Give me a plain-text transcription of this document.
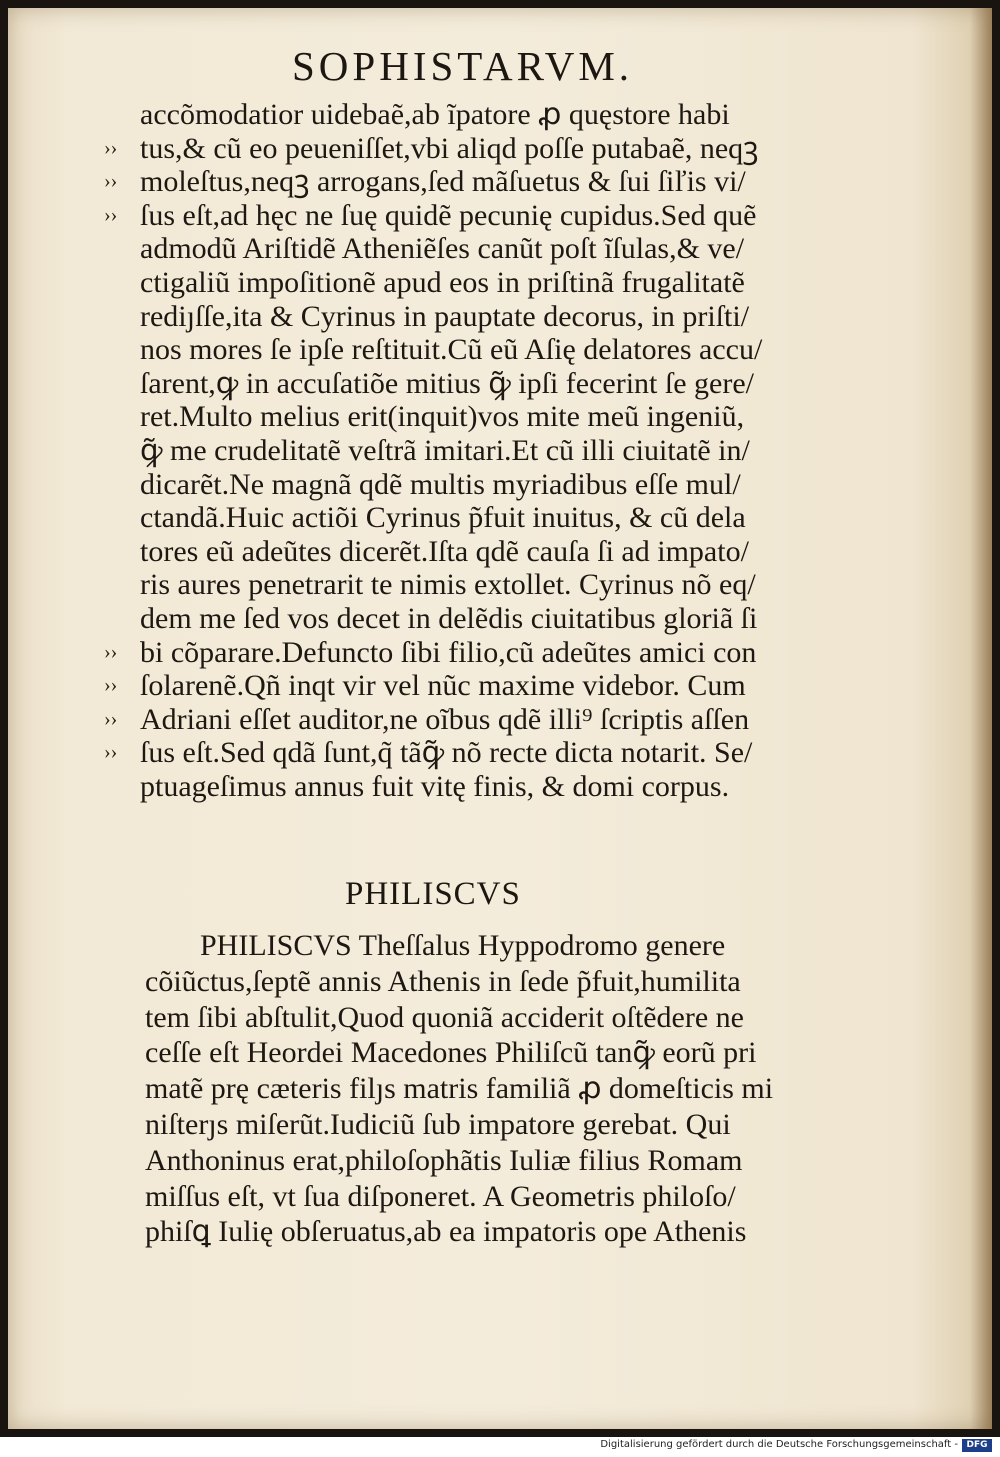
SOPHISTARVM.
accõmodatior uidebaẽ,ab ĩpatore ꝓ quęstore habi
›› tus,& cũ eo peueniſſet,vbi aliqd poſſe putabaẽ, neqꝫ
›› moleſtus,neqꝫ arrogans,ſed mãſuetus & ſui ſiľis vi/
›› ſus eſt,ad hęc ne ſuę quidẽ pecunię cupidus.Sed quẽ
admodũ Ariſtidẽ Atheniẽſes canũt poſt ĩſulas,& ve/
ctigaliũ impoſitionẽ apud eos in priſtinã frugalitatẽ
rediȷſſe,ita & Cyrinus in pauptate decorus, in priſti/
nos mores ſe ipſe reſtituit.Cũ eũ Aſię delatores accu/
ſarent,ꝙ in accuſatiõe mitius ꝙ̃ ipſi fecerint ſe gere/
ret.Multo melius erit(inquit)vos mite meũ ingeniũ,
ꝙ̃ me crudelitatẽ veſtrã imitari.Et cũ illi ciuitatẽ in/
dicarẽt.Ne magnã qdẽ multis myriadibus eſſe mul/
ctandã.Huic actiõi Cyrinus p̃fuit inuitus, & cũ dela
tores eũ adeũtes dicerẽt.Iſta qdẽ cauſa ſi ad impato/
ris aures penetrarit te nimis extollet. Cyrinus nõ eq/
dem me ſed vos decet in delẽdis ciuitatibus gloriã ſi
›› bi cõparare.Defuncto ſibi filio,cũ adeũtes amici con
›› ſolarenẽ.Qñ inqt vir vel nũc maxime videbor. Cum
›› Adriani eſſet auditor,ne oĩbus qdẽ illi⁹ ſcriptis aſſen
›› ſus eſt.Sed qdã ſunt,q̃ tãꝙ̃ nõ recte dicta notarit. Se/
ptuageſimus annus fuit vitę finis, & domi corpus.
PHILISCVS
PHILISCVS Theſſalus Hyppodromo genere
cõiũctus,ſeptẽ annis Athenis in ſede p̃fuit,humilita
tem ſibi abſtulit,Quod quoniã acciderit oſtẽdere ne
ceſſe eſt Heordei Macedones Philiſcũ tanꝙ̃ eorũ pri
matẽ prę cæteris filȷs matris familiã ꝓ domeſticis mi
niſterȷs miſerũt.Iudiciũ ſub impatore gerebat. Qui
Anthoninus erat,philoſophãtis Iuliæ filius Romam
miſſus eſt, vt ſua diſponeret. A Geometris philoſo/
phiſꝗ Iulię obſeruatus,ab ea impatoris ope Athenis
Digitalisierung gefördert durch die Deutsche Forschungsgemeinschaft - DFG
